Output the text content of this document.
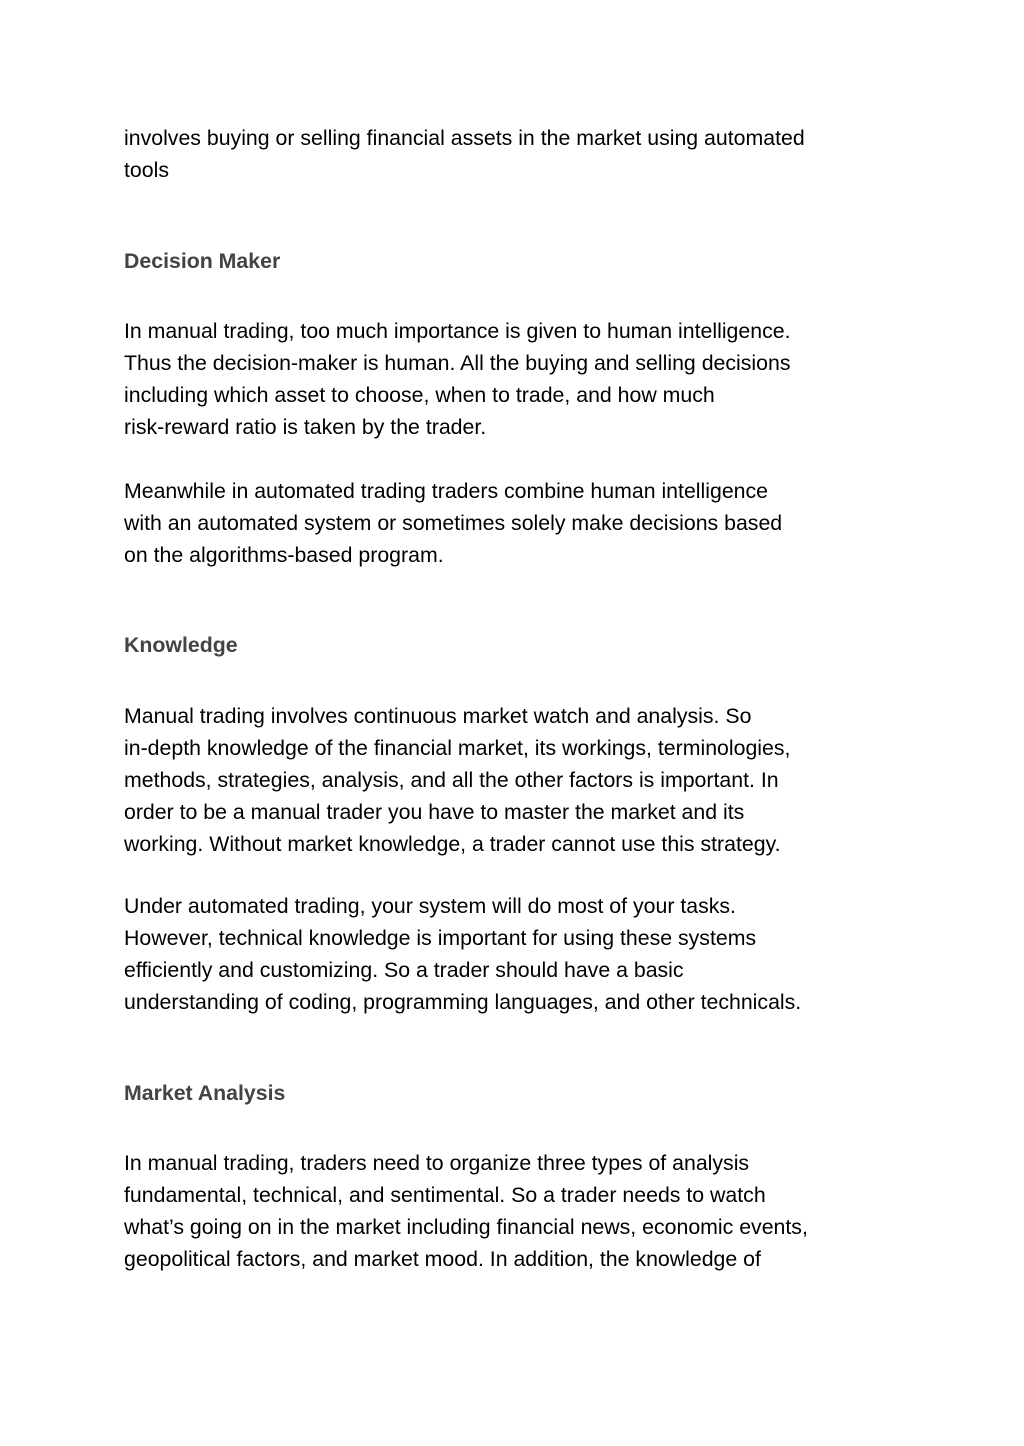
involves buying or selling financial assets in the market using automated
tools

Decision Maker

In manual trading, too much importance is given to human intelligence.
Thus the decision-maker is human. All the buying and selling decisions
including which asset to choose, when to trade, and how much
risk-reward ratio is taken by the trader.

Meanwhile in automated trading traders combine human intelligence
with an automated system or sometimes solely make decisions based
on the algorithms-based program.

Knowledge

Manual trading involves continuous market watch and analysis. So
in-depth knowledge of the financial market, its workings, terminologies,
methods, strategies, analysis, and all the other factors is important. In
order to be a manual trader you have to master the market and its
working. Without market knowledge, a trader cannot use this strategy.

Under automated trading, your system will do most of your tasks.
However, technical knowledge is important for using these systems
efficiently and customizing. So a trader should have a basic
understanding of coding, programming languages, and other technicals.

Market Analysis

In manual trading, traders need to organize three types of analysis
fundamental, technical, and sentimental. So a trader needs to watch
what’s going on in the market including financial news, economic events,
geopolitical factors, and market mood. In addition, the knowledge of
